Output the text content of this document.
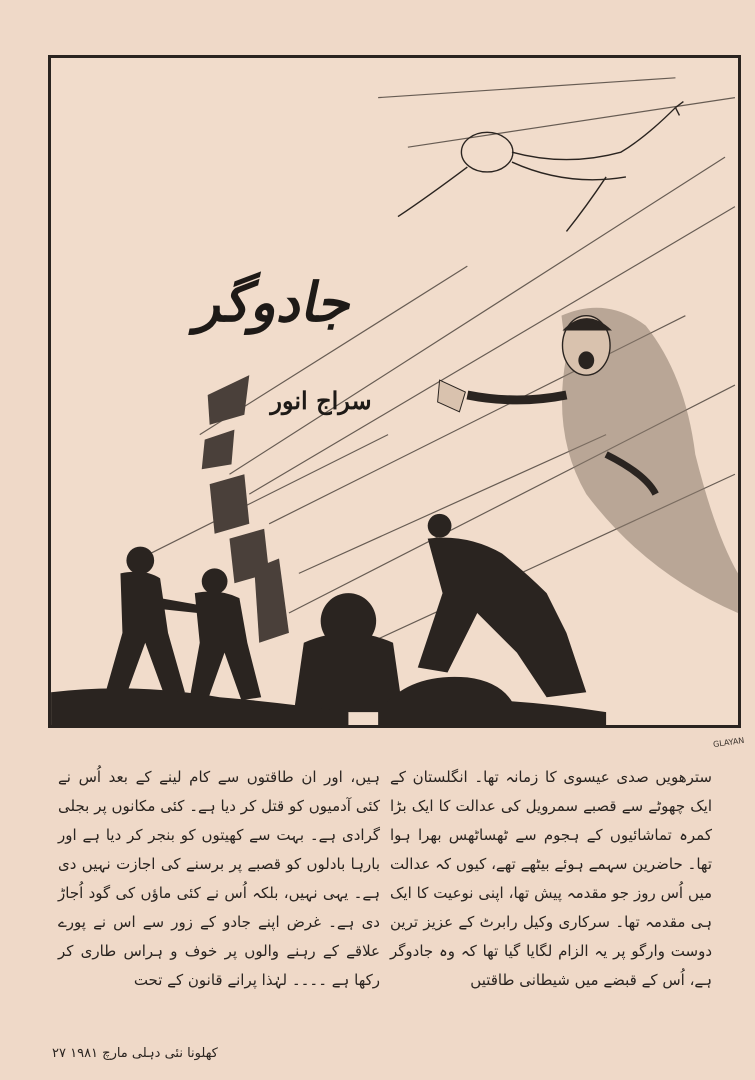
جادوگر
سراج انور
GLAYAN

سترھویں صدی عیسوی کا زمانہ تھا۔ انگلستان کے ایک چھوٹے سے قصبے سمرویل کی عدالت کا ایک بڑا کمرہ تماشائیوں کے ہجوم سے ٹھساٹھس بھرا ہوا تھا۔ حاضرین سہمے ہوئے بیٹھے تھے، کیوں کہ عدالت میں اُس روز جو مقدمہ پیش تھا، اپنی نوعیت کا ایک ہی مقدمہ تھا۔ سرکاری وکیل رابرٹ کے عزیز ترین دوست وارگو پر یہ الزام لگایا گیا تھا کہ وہ جادوگر ہے، اُس کے قبضے میں شیطانی طاقتیں

ہیں، اور ان طاقتوں سے کام لینے کے بعد اُس نے کئی آدمیوں کو قتل کر دیا ہے۔ کئی مکانوں پر بجلی گرادی ہے۔ بہت سے کھیتوں کو بنجر کر دیا ہے اور بارہا بادلوں کو قصبے پر برسنے کی اجازت نہیں دی ہے۔ یہی نہیں، بلکہ اُس نے کئی ماؤں کی گود اُجاڑ دی ہے۔ غرض اپنے جادو کے زور سے اس نے پورے علاقے کے رہنے والوں پر خوف و ہراس طاری کر رکھا ہے ۔۔۔۔ لہٰذا پرانے قانون کے تحت

کھلونا نئی دہلی مارچ ۱۹۸۱ ۲۷
